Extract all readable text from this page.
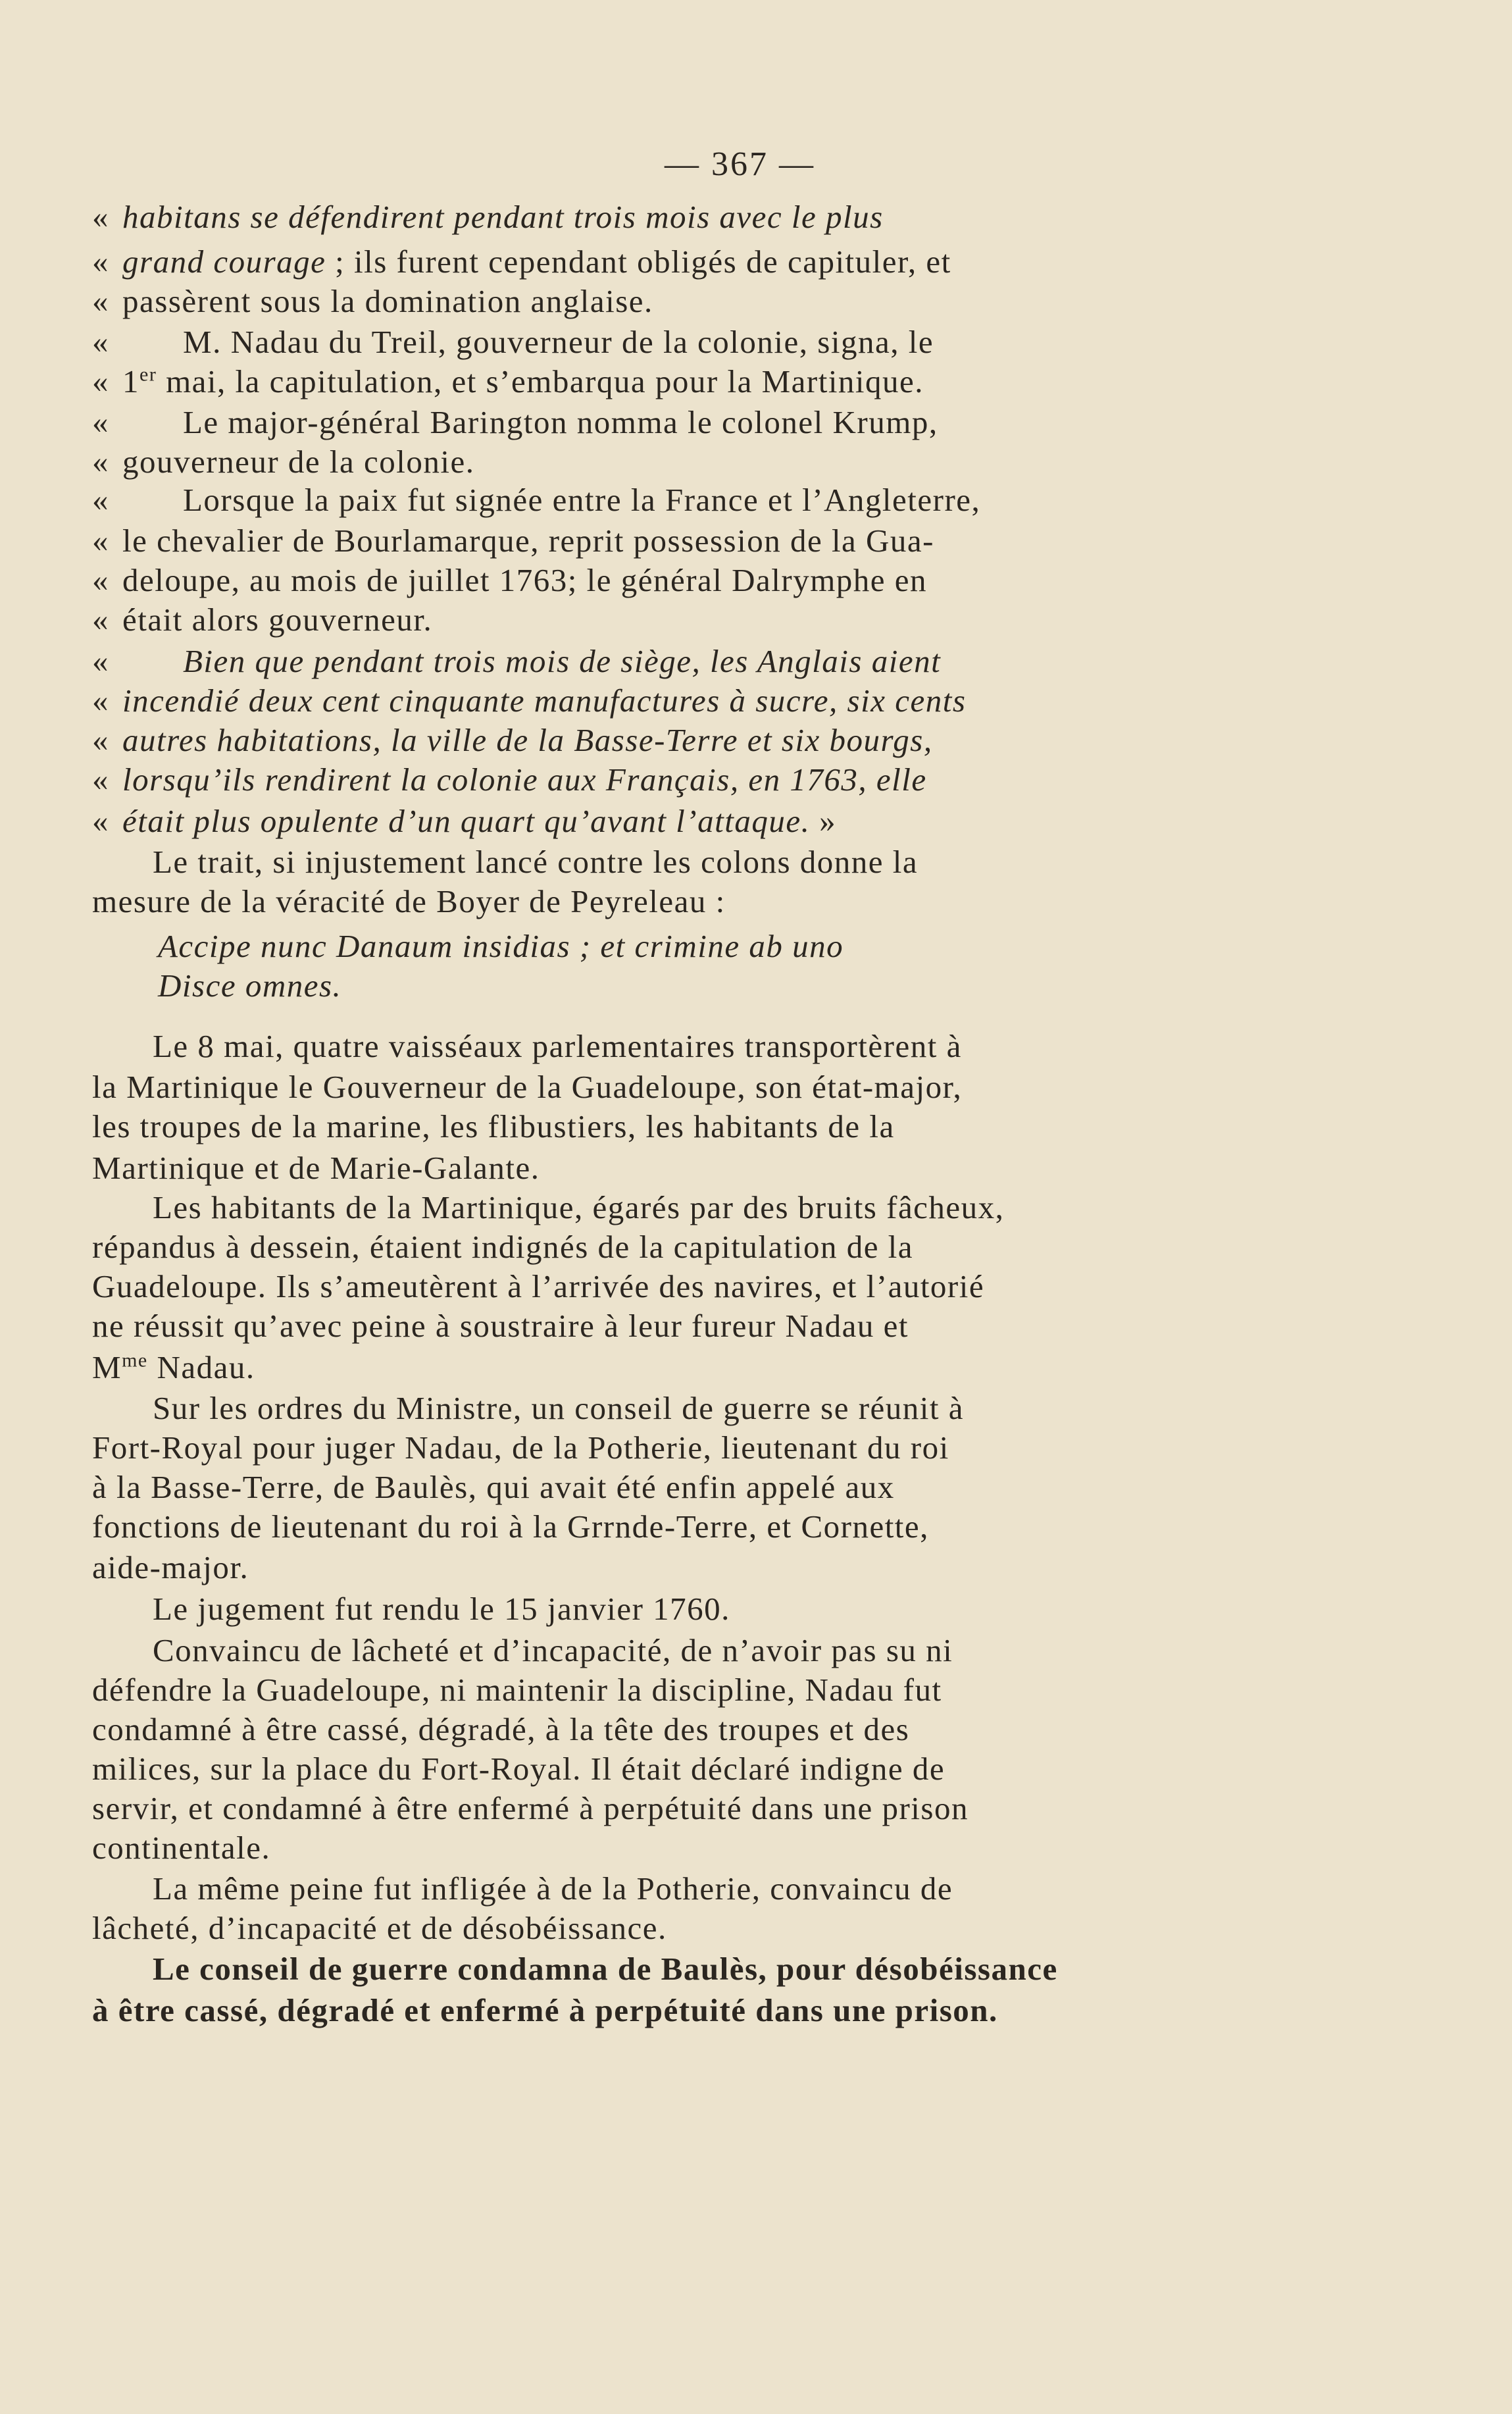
— 367 —
« habitans se défendirent pendant trois mois avec le plus
« grand courage ; ils furent cependant obligés de capituler, et
« passèrent sous la domination anglaise.
« M. Nadau du Treil, gouverneur de la colonie, signa, le
« 1er mai, la capitulation, et s’embarqua pour la Martinique.
« Le major-général Barington nomma le colonel Krump,
« gouverneur de la colonie.
« Lorsque la paix fut signée entre la France et l’Angleterre,
« le chevalier de Bourlamarque, reprit possession de la Gua-
« deloupe, au mois de juillet 1763; le général Dalrymphe en
« était alors gouverneur.
« Bien que pendant trois mois de siège, les Anglais aient
« incendié deux cent cinquante manufactures à sucre, six cents
« autres habitations, la ville de la Basse-Terre et six bourgs,
« lorsqu’ils rendirent la colonie aux Français, en 1763, elle
« était plus opulente d’un quart qu’avant l’attaque. »
Le trait, si injustement lancé contre les colons donne la
mesure de la véracité de Boyer de Peyreleau :
Accipe nunc Danaum insidias ; et crimine ab uno
Disce omnes.
Le 8 mai, quatre vaisséaux parlementaires transportèrent à
la Martinique le Gouverneur de la Guadeloupe, son état-major,
les troupes de la marine, les flibustiers, les habitants de la
Martinique et de Marie-Galante.
Les habitants de la Martinique, égarés par des bruits fâcheux,
répandus à dessein, étaient indignés de la capitulation de la
Guadeloupe. Ils s’ameutèrent à l’arrivée des navires, et l’autorié
ne réussit qu’avec peine à soustraire à leur fureur Nadau et
$M^{me}$ Nadau.
Sur les ordres du Ministre, un conseil de guerre se réunit à
Fort-Royal pour juger Nadau, de la Potherie, lieutenant du roi
à la Basse-Terre, de Baulès, qui avait été enfin appelé aux
fonctions de lieutenant du roi à la Grrnde-Terre, et Cornette,
aide-major.
Le jugement fut rendu le 15 janvier 1760.
Convaincu de lâcheté et d’incapacité, de n’avoir pas su ni
défendre la Guadeloupe, ni maintenir la discipline, Nadau fut
condamné à être cassé, dégradé, à la tête des troupes et des
milices, sur la place du Fort-Royal. Il était déclaré indigne de
servir, et condamné à être enfermé à perpétuité dans une prison
continentale.
La même peine fut infligée à de la Potherie, convaincu de
lâcheté, d’incapacité et de désobéissance.
Le conseil de guerre condamna de Baulès, pour désobéissance
à être cassé, dégradé et enfermé à perpétuité dans une prison.
